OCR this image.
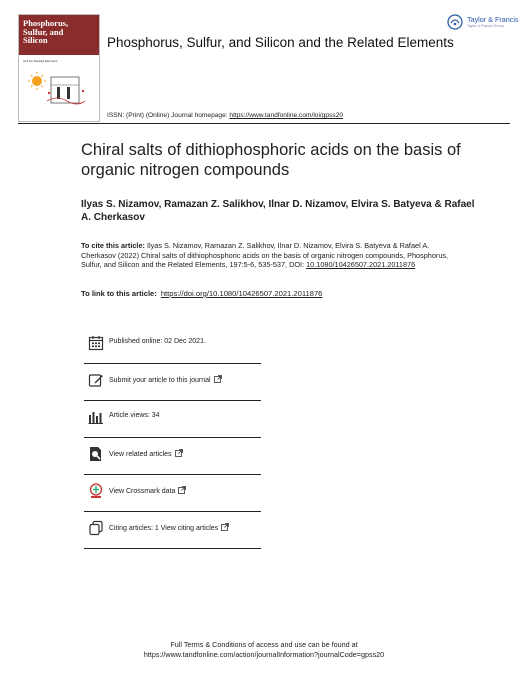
Phosphorus,
Sulfur, and
Silicon
and the Related Elements
Phosphorus, Sulfur, and Silicon and the Related Elements
Taylor & Francis
Taylor & Francis Group
ISSN: (Print) (Online) Journal homepage: https://www.tandfonline.com/loi/gpss20
Chiral salts of dithiophosphoric acids on the basis of organic nitrogen compounds
Ilyas S. Nizamov, Ramazan Z. Salikhov, Ilnar D. Nizamov, Elvira S. Batyeva & Rafael A. Cherkasov
To cite this article: Ilyas S. Nizamov, Ramazan Z. Salikhov, Ilnar D. Nizamov, Elvira S. Batyeva & Rafael A. Cherkasov (2022) Chiral salts of dithiophosphoric acids on the basis of organic nitrogen compounds, Phosphorus, Sulfur, and Silicon and the Related Elements, 197:5-6, 535-537, DOI: 10.1080/10426507.2021.2011876
To link to this article: https://doi.org/10.1080/10426507.2021.2011876
Published online: 02 Dec 2021.
Submit your article to this journal
Article views: 34
View related articles
View Crossmark data
Citing articles: 1 View citing articles
Full Terms & Conditions of access and use can be found at
https://www.tandfonline.com/action/journalInformation?journalCode=gpss20
